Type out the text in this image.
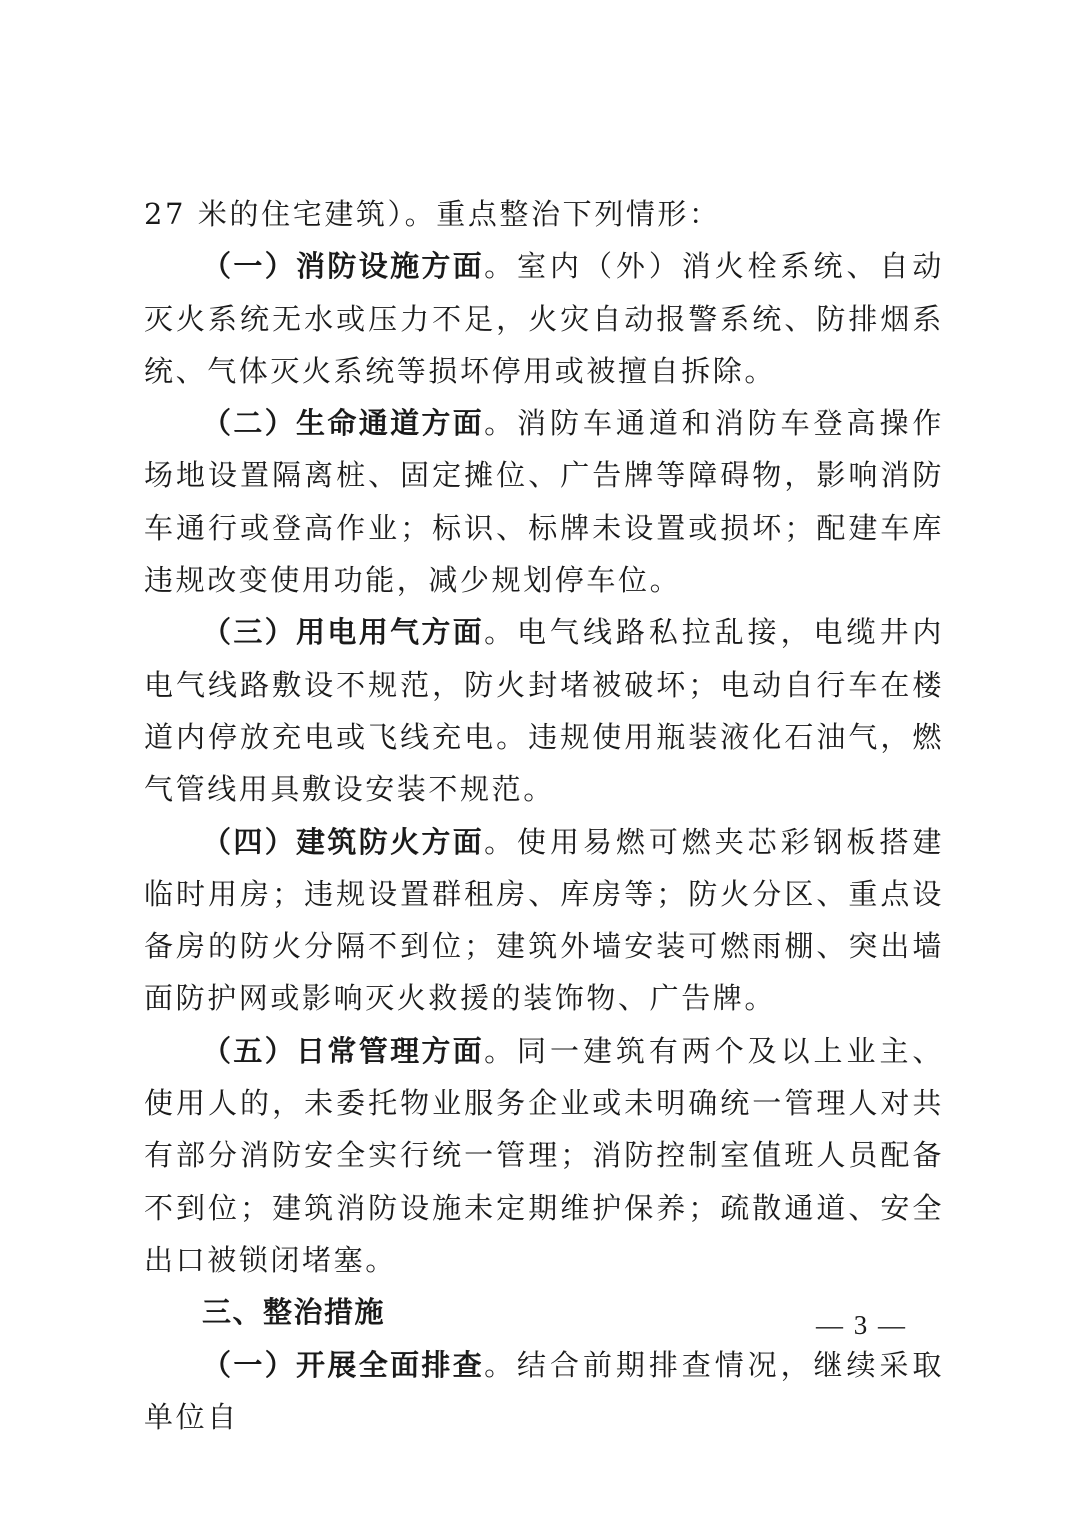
27 米的住宅建筑）。重点整治下列情形：

（一）消防设施方面。室内（外）消火栓系统、自动灭火系统无水或压力不足，火灾自动报警系统、防排烟系统、气体灭火系统等损坏停用或被擅自拆除。

（二）生命通道方面。消防车通道和消防车登高操作场地设置隔离桩、固定摊位、广告牌等障碍物，影响消防车通行或登高作业；标识、标牌未设置或损坏；配建车库违规改变使用功能，减少规划停车位。

（三）用电用气方面。电气线路私拉乱接，电缆井内电气线路敷设不规范，防火封堵被破坏；电动自行车在楼道内停放充电或飞线充电。违规使用瓶装液化石油气，燃气管线用具敷设安装不规范。

（四）建筑防火方面。使用易燃可燃夹芯彩钢板搭建临时用房；违规设置群租房、库房等；防火分区、重点设备房的防火分隔不到位；建筑外墙安装可燃雨棚、突出墙面防护网或影响灭火救援的装饰物、广告牌。

（五）日常管理方面。同一建筑有两个及以上业主、使用人的，未委托物业服务企业或未明确统一管理人对共有部分消防安全实行统一管理；消防控制室值班人员配备不到位；建筑消防设施未定期维护保养；疏散通道、安全出口被锁闭堵塞。

三、整治措施

（一）开展全面排查。结合前期排查情况，继续采取单位自

— 3 —
